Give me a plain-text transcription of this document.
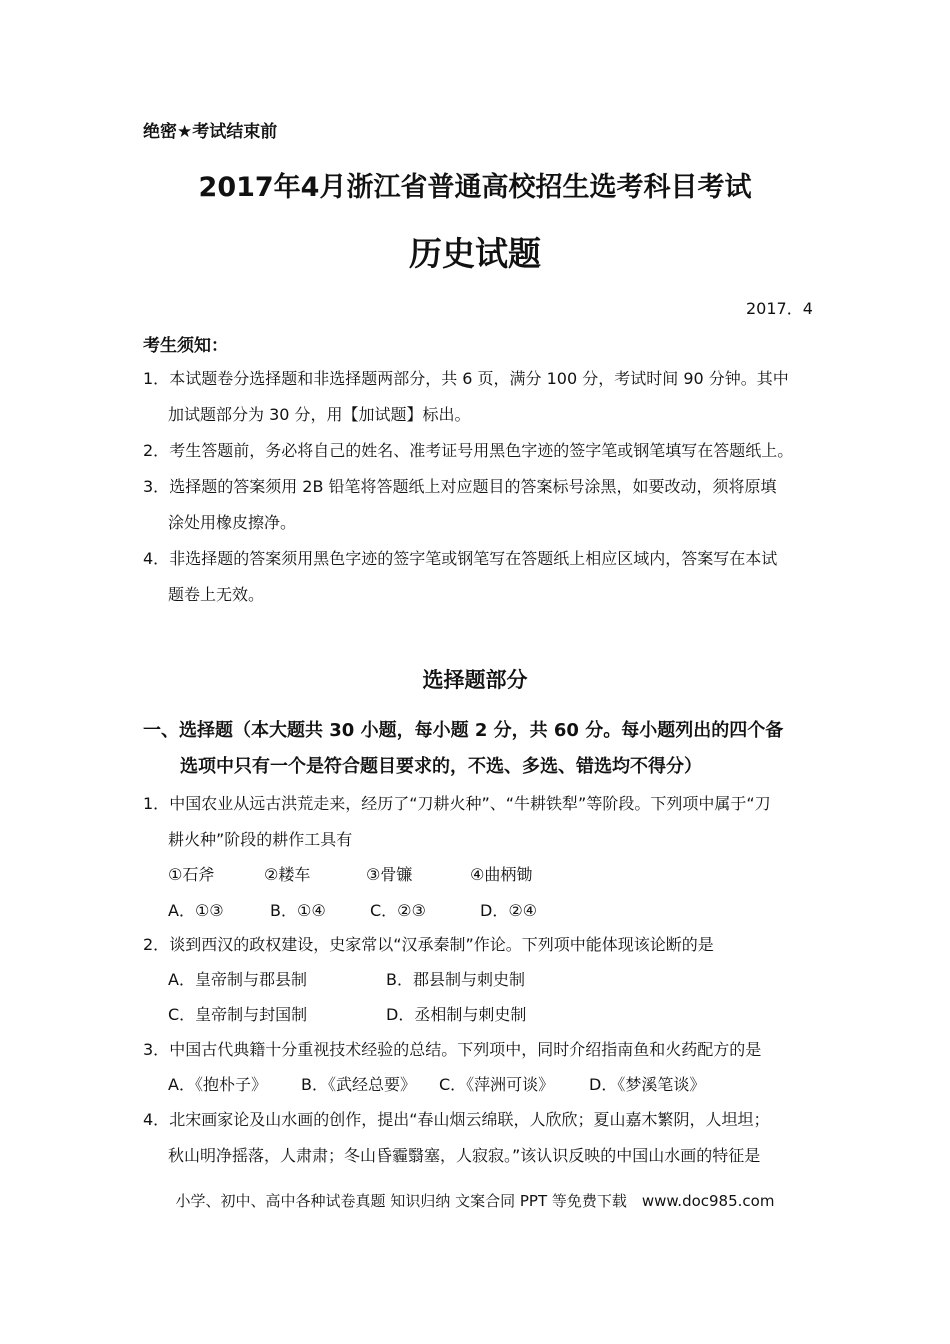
绝密★考试结束前
2017年4月浙江省普通高校招生选考科目考试
历史试题
2017．4
考生须知：
1．本试题卷分选择题和非选择题两部分，共 6 页，满分 100 分，考试时间 90 分钟。其中
加试题部分为 30 分，用【加试题】标出。
2．考生答题前，务必将自己的姓名、准考证号用黑色字迹的签字笔或钢笔填写在答题纸上。
3．选择题的答案须用 2B 铅笔将答题纸上对应题目的答案标号涂黑，如要改动，须将原填
涂处用橡皮擦净。
4．非选择题的答案须用黑色字迹的签字笔或钢笔写在答题纸上相应区域内，答案写在本试
题卷上无效。
选择题部分
一、选择题（本大题共 30 小题，每小题 2 分，共 60 分。每小题列出的四个备
选项中只有一个是符合题目要求的，不选、多选、错选均不得分）
1．中国农业从远古洪荒走来，经历了“刀耕火种”、“牛耕铁犁”等阶段。下列项中属于“刀
耕火种”阶段的耕作工具有
①石斧	②耧车	③骨镰	④曲柄锄
A．①③	B．①④	C．②③	D．②④
2．谈到西汉的政权建设，史家常以“汉承秦制”作论。下列项中能体现该论断的是
A．皇帝制与郡县制	B．郡县制与刺史制
C．皇帝制与封国制	D．丞相制与刺史制
3．中国古代典籍十分重视技术经验的总结。下列项中，同时介绍指南鱼和火药配方的是
A．《抱朴子》 B．《武经总要》 C．《萍洲可谈》 D．《梦溪笔谈》
4．北宋画家论及山水画的创作，提出“春山烟云绵联，人欣欣；夏山嘉木繁阴，人坦坦；
秋山明净摇落，人肃肃；冬山昏霾翳塞，人寂寂。”该认识反映的中国山水画的特征是
小学、初中、高中各种试卷真题 知识归纳 文案合同 PPT 等免费下载　www.doc985.com
